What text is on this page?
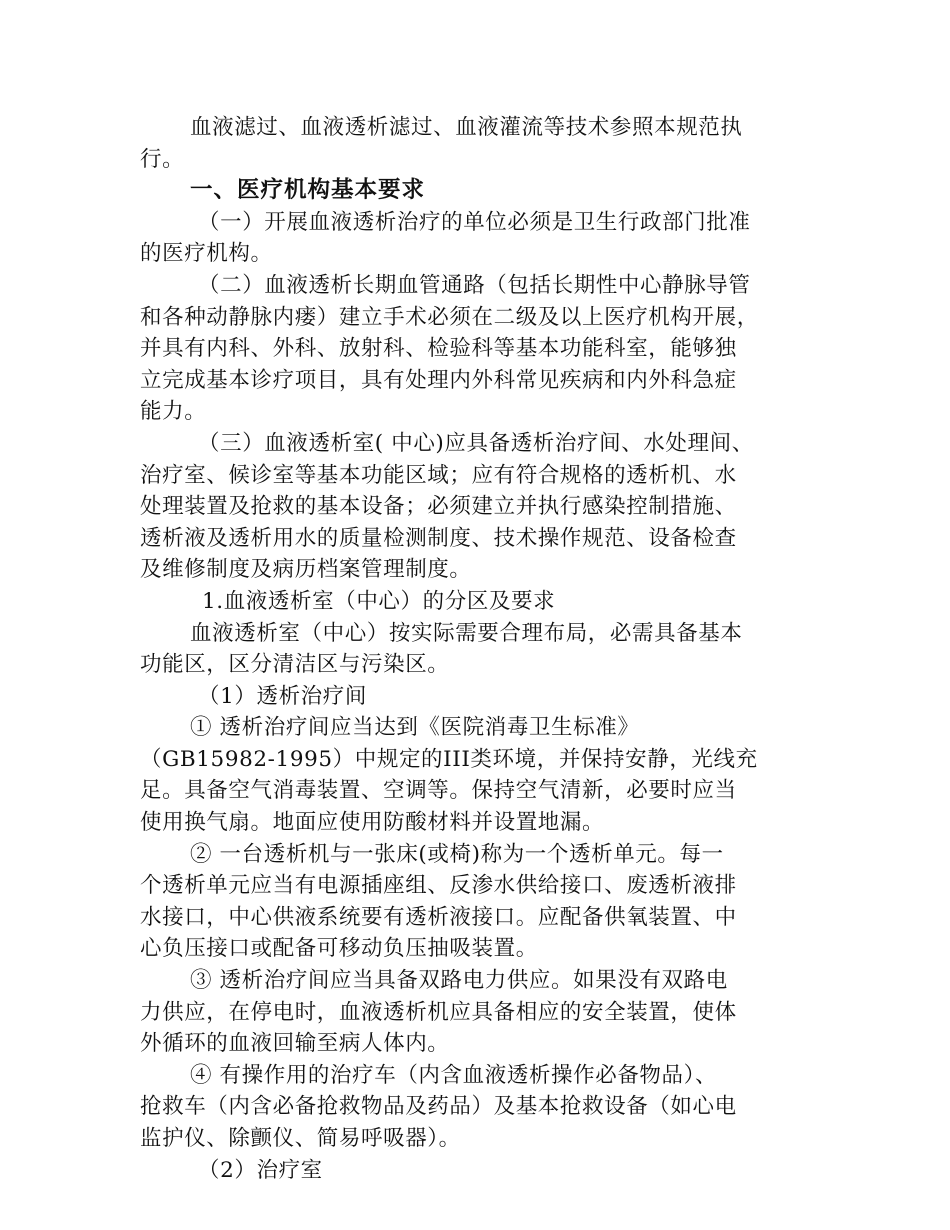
血液滤过、血液透析滤过、血液灌流等技术参照本规范执
行。
一、医疗机构基本要求
（一）开展血液透析治疗的单位必须是卫生行政部门批准
的医疗机构。
（二）血液透析长期血管通路（包括长期性中心静脉导管
和各种动静脉内瘘）建立手术必须在二级及以上医疗机构开展，
并具有内科、外科、放射科、检验科等基本功能科室，能够独
立完成基本诊疗项目，具有处理内外科常见疾病和内外科急症
能力。
（三）血液透析室( 中心)应具备透析治疗间、水处理间、
治疗室、候诊室等基本功能区域；应有符合规格的透析机、水
处理装置及抢救的基本设备；必须建立并执行感染控制措施、
透析液及透析用水的质量检测制度、技术操作规范、设备检查
及维修制度及病历档案管理制度。
1.血液透析室（中心）的分区及要求
血液透析室（中心）按实际需要合理布局，必需具备基本
功能区，区分清洁区与污染区。
（1）透析治疗间
① 透析治疗间应当达到《医院消毒卫生标准》
（GB15982-1995）中规定的III类环境，并保持安静，光线充
足。具备空气消毒装置、空调等。保持空气清新，必要时应当
使用换气扇。地面应使用防酸材料并设置地漏。
② 一台透析机与一张床(或椅)称为一个透析单元。每一
个透析单元应当有电源插座组、反渗水供给接口、废透析液排
水接口，中心供液系统要有透析液接口。应配备供氧装置、中
心负压接口或配备可移动负压抽吸装置。
③ 透析治疗间应当具备双路电力供应。如果没有双路电
力供应，在停电时，血液透析机应具备相应的安全装置，使体
外循环的血液回输至病人体内。
④ 有操作用的治疗车（内含血液透析操作必备物品）、
抢救车（内含必备抢救物品及药品）及基本抢救设备（如心电
监护仪、除颤仪、简易呼吸器）。
（2）治疗室
